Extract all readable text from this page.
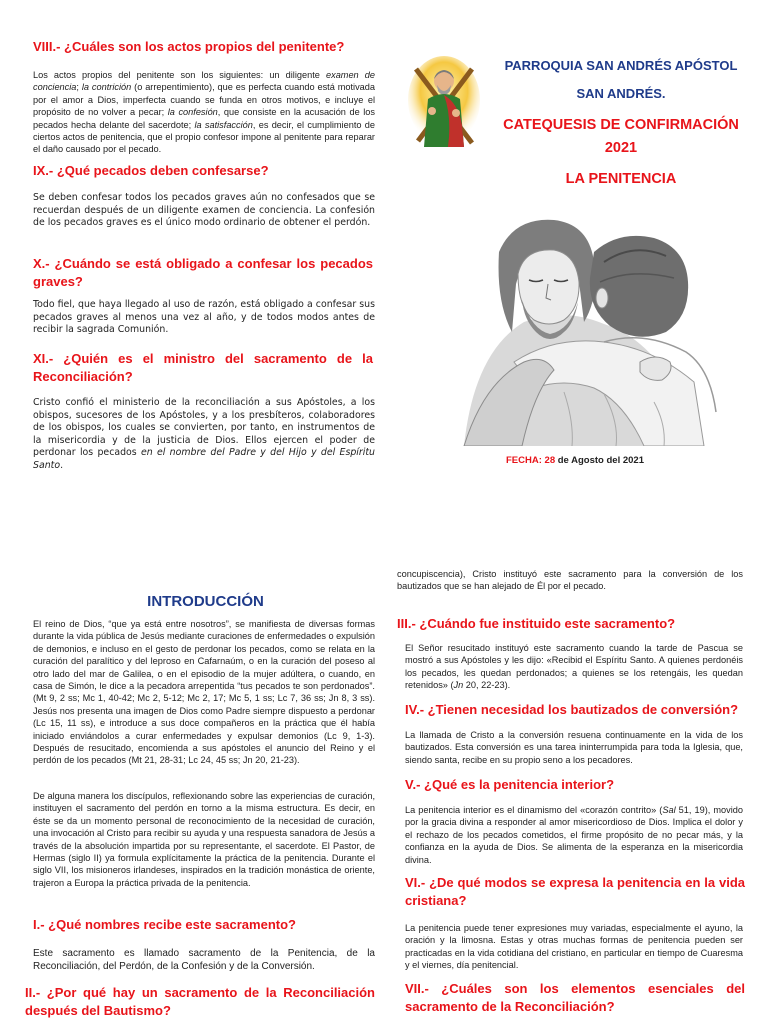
VIII.- ¿Cuáles son los actos propios del penitente?

Los actos propios del penitente son los siguientes: un diligente examen de conciencia; la contrición (o arrepentimiento), que es perfecta cuando está motivada por el amor a Dios, imperfecta cuando se funda en otros motivos, e incluye el propósito de no volver a pecar; la confesión, que consiste en la acusación de los pecados hecha delante del sacerdote; la satisfacción, es decir, el cumplimiento de ciertos actos de penitencia, que el propio confesor impone al penitente para reparar el daño causado por el pecado.

IX.- ¿Qué pecados deben confesarse?

Se deben confesar todos los pecados graves aún no confesados que se recuerdan después de un diligente examen de conciencia. La confesión de los pecados graves es el único modo ordinario de obtener el perdón.

X.- ¿Cuándo se está obligado a confesar los pecados graves?

Todo fiel, que haya llegado al uso de razón, está obligado a confesar sus pecados graves al menos una vez al año, y de todos modos antes de recibir la sagrada Comunión.

XI.- ¿Quién es el ministro del sacramento de la Reconciliación?

Cristo confió el ministerio de la reconciliación a sus Apóstoles, a los obispos, sucesores de los Apóstoles, y a los presbíteros, colaboradores de los obispos, los cuales se convierten, por tanto, en instrumentos de la misericordia y de la justicia de Dios. Ellos ejercen el poder de perdonar los pecados en el nombre del Padre y del Hijo y del Espíritu Santo.

PARROQUIA SAN ANDRÉS APÓSTOL
SAN ANDRÉS.
CATEQUESIS DE CONFIRMACIÓN
2021
LA PENITENCIA
FECHA: 28 de Agosto del 2021
INTRODUCCIÓN

El reino de Dios, “que ya está entre nosotros”, se manifiesta de diversas formas durante la vida pública de Jesús mediante curaciones de enfermedades o expulsión de demonios, e incluso en el gesto de perdonar los pecados, como se relata en la curación del paralítico y del leproso en Cafarnaúm, o en la curación del poseso al otro lado del mar de Galilea, o en el episodio de la mujer adúltera, o cuando, en casa de Simón, le dice a la pecadora arrepentida “tus pecados te son perdonados”. (Mt 9, 2 ss; Mc 1, 40-42; Mc 2, 5-12; Mc 2, 17; Mc 5, 1 ss; Lc 7, 36 ss; Jn 8, 3 ss). Jesús nos presenta una imagen de Dios como Padre siempre dispuesto a perdonar (Lc 15, 11 ss), e introduce a sus doce compañeros en la práctica que él había iniciado enviándolos a curar enfermedades y expulsar demonios (Lc 9, 1-3). Después de resucitado, encomienda a sus apóstoles el anuncio del Reino y el perdón de los pecados (Mt 21, 28-31; Lc 24, 45 ss; Jn 20, 21-23).

De alguna manera los discípulos, reflexionando sobre las experiencias de curación, instituyen el sacramento del perdón en torno a la misma estructura. Es decir, en éste se da un momento personal de reconocimiento de la necesidad de curación, una invocación al Cristo para recibir su ayuda y una respuesta sanadora de Jesús a través de la absolución impartida por su representante, el sacerdote. El Pastor, de Hermas (siglo II) ya formula explícitamente la práctica de la penitencia. Durante el siglo VII, los misioneros irlandeses, inspirados en la tradición monástica de oriente, trajeron a Europa la práctica privada de la penitencia.

I.- ¿Qué nombres recibe este sacramento?

Este sacramento es llamado sacramento de la Penitencia, de la Reconciliación, del Perdón, de la Confesión y de la Conversión.

II.- ¿Por qué hay un sacramento de la Reconciliación después del Bautismo?

concupiscencia), Cristo instituyó este sacramento para la conversión de los bautizados que se han alejado de Él por el pecado.

III.- ¿Cuándo fue instituido este sacramento?

El Señor resucitado instituyó este sacramento cuando la tarde de Pascua se mostró a sus Apóstoles y les dijo: «Recibid el Espíritu Santo. A quienes perdonéis los pecados, les quedan perdonados; a quienes se los retengáis, les quedan retenidos» (Jn 20, 22-23).

IV.- ¿Tienen necesidad los bautizados de conversión?

La llamada de Cristo a la conversión resuena continuamente en la vida de los bautizados. Esta conversión es una tarea ininterrumpida para toda la Iglesia, que, siendo santa, recibe en su propio seno a los pecadores.

V.- ¿Qué es la penitencia interior?

La penitencia interior es el dinamismo del «corazón contrito» (Sal 51, 19), movido por la gracia divina a responder al amor misericordioso de Dios. Implica el dolor y el rechazo de los pecados cometidos, el firme propósito de no pecar más, y la confianza en la ayuda de Dios. Se alimenta de la esperanza en la misericordia divina.

VI.- ¿De qué modos se expresa la penitencia en la vida cristiana?

La penitencia puede tener expresiones muy variadas, especialmente el ayuno, la oración y la limosna. Estas y otras muchas formas de penitencia pueden ser practicadas en la vida cotidiana del cristiano, en particular en tiempo de Cuaresma y el viernes, día penitencial.

VII.- ¿Cuáles son los elementos esenciales del sacramento de la Reconciliación?
